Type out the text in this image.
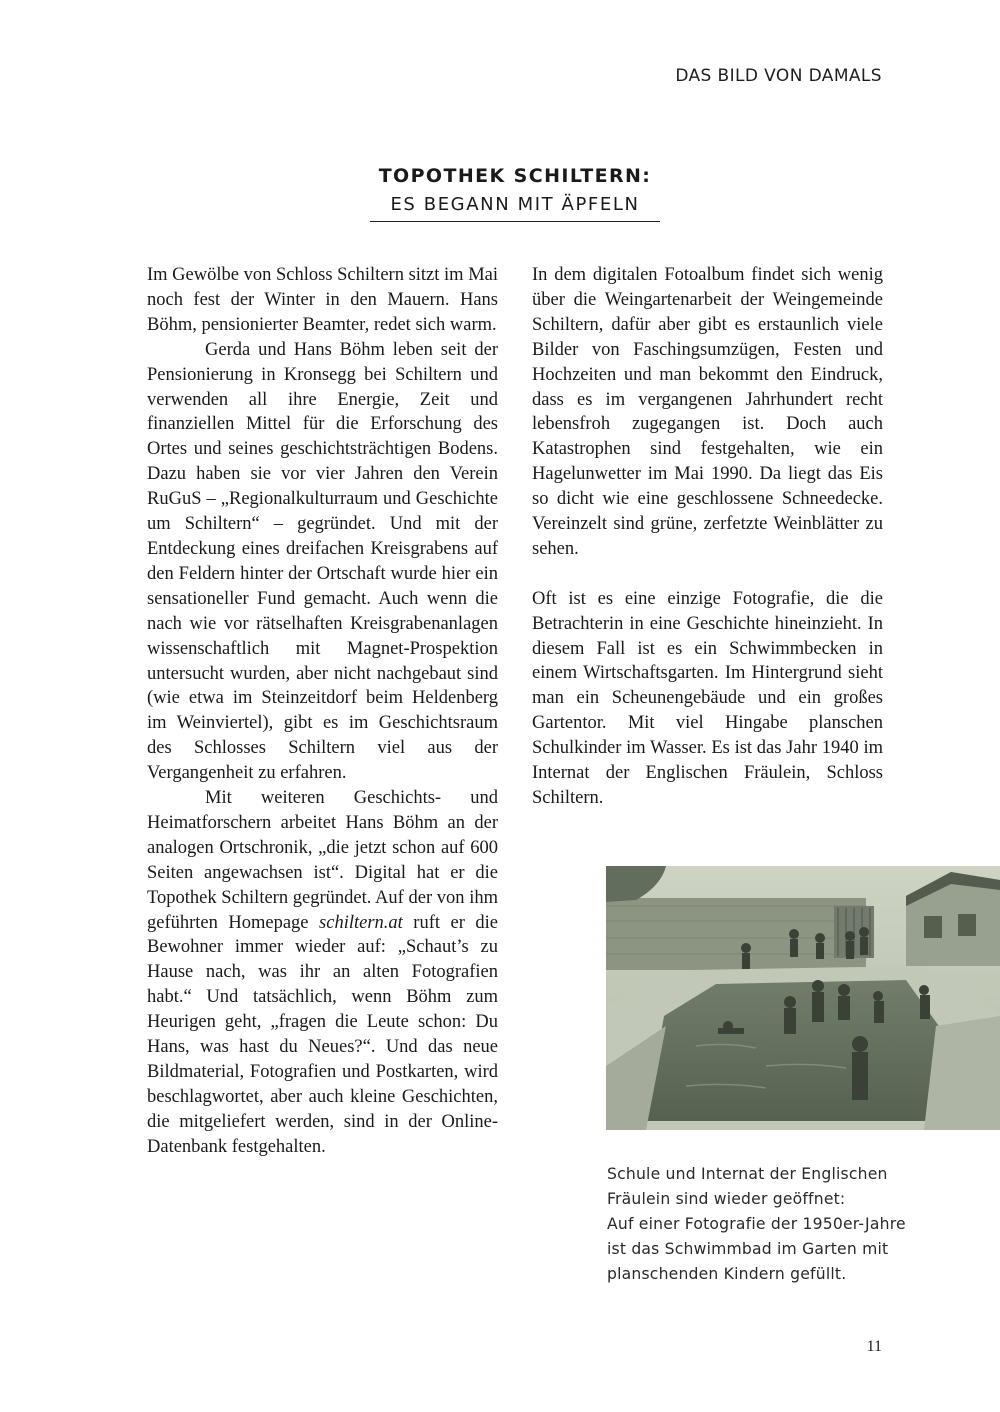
DAS BILD VON DAMALS
TOPOTHEK SCHILTERN:
ES BEGANN MIT ÄPFELN

Im Gewölbe von Schloss Schiltern sitzt im Mai noch fest der Winter in den Mauern. Hans Böhm, pensionierter Beamter, redet sich warm.

Gerda und Hans Böhm leben seit der Pensionierung in Kronsegg bei Schiltern und verwenden all ihre Energie, Zeit und finanziellen Mittel für die Erforschung des Ortes und seines geschichtsträchtigen Bodens. Dazu haben sie vor vier Jahren den Verein RuGuS – „Regionalkulturraum und Geschichte um Schiltern“ – gegründet. Und mit der Entdeckung eines dreifachen Kreisgrabens auf den Feldern hinter der Ortschaft wurde hier ein sensationeller Fund gemacht. Auch wenn die nach wie vor rätselhaften Kreisgrabenanlagen wissenschaftlich mit Magnet-Prospektion untersucht wurden, aber nicht nachgebaut sind (wie etwa im Steinzeitdorf beim Heldenberg im Weinviertel), gibt es im Geschichtsraum des Schlosses Schiltern viel aus der Vergangenheit zu erfahren.

Mit weiteren Geschichts- und Heimatforschern arbeitet Hans Böhm an der analogen Ortschronik, „die jetzt schon auf 600 Seiten angewachsen ist“. Digital hat er die Topothek Schiltern gegründet. Auf der von ihm geführten Homepage schiltern.at ruft er die Bewohner immer wieder auf: „Schaut’s zu Hause nach, was ihr an alten Fotografien habt.“ Und tatsächlich, wenn Böhm zum Heurigen geht, „fragen die Leute schon: Du Hans, was hast du Neues?“. Und das neue Bildmaterial, Fotografien und Postkarten, wird beschlagwortet, aber auch kleine Geschichten, die mitgeliefert werden, sind in der Online-Datenbank festgehalten.

In dem digitalen Fotoalbum findet sich wenig über die Weingartenarbeit der Weingemeinde Schiltern, dafür aber gibt es erstaunlich viele Bilder von Faschingsumzügen, Festen und Hochzeiten und man bekommt den Eindruck, dass es im vergangenen Jahrhundert recht lebensfroh zugegangen ist. Doch auch Katastrophen sind festgehalten, wie ein Hagelunwetter im Mai 1990. Da liegt das Eis so dicht wie eine geschlossene Schneedecke. Vereinzelt sind grüne, zerfetzte Weinblätter zu sehen.

Oft ist es eine einzige Fotografie, die die Betrachterin in eine Geschichte hineinzieht. In diesem Fall ist es ein Schwimmbecken in einem Wirtschaftsgarten. Im Hintergrund sieht man ein Scheunengebäude und ein großes Gartentor. Mit viel Hingabe planschen Schulkinder im Wasser. Es ist das Jahr 1940 im Internat der Englischen Fräulein, Schloss Schiltern.

Schule und Internat der Englischen
Fräulein sind wieder geöffnet:
Auf einer Fotografie der 1950er-Jahre
ist das Schwimmbad im Garten mit
planschenden Kindern gefüllt.
11
